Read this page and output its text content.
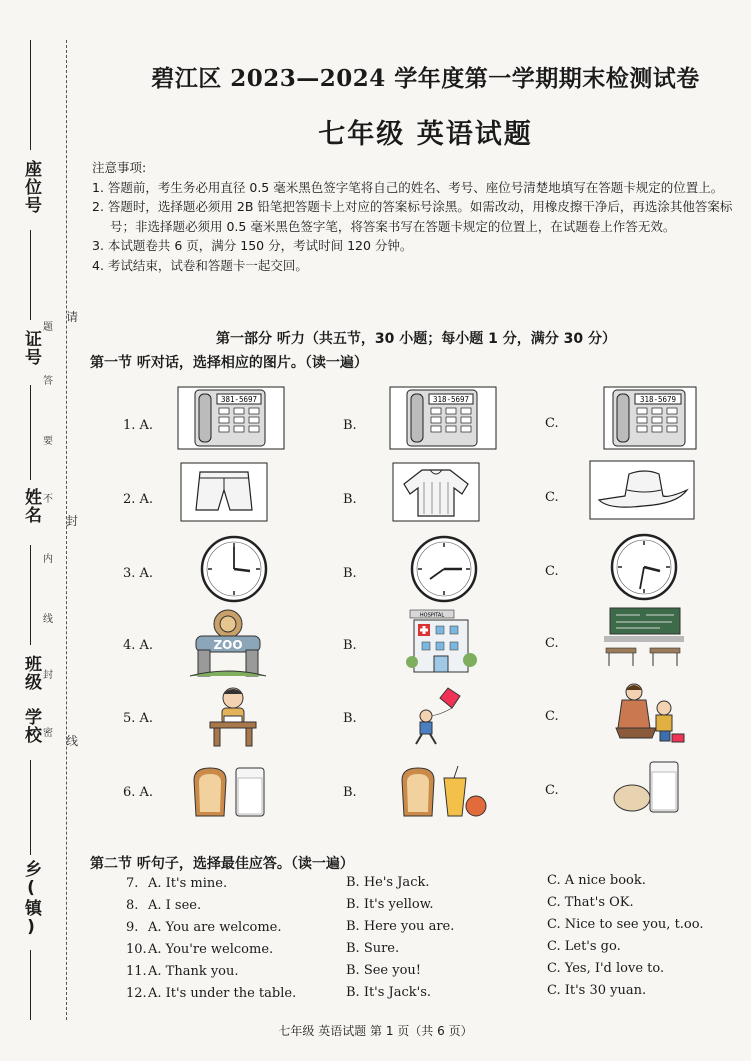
座位号
证号
姓名
班级
学校
乡(镇)
题
答
要
不
内
线
封
密
请
封
线
碧江区 2023—2024 学年度第一学期期末检测试卷
七年级 英语试题
注意事项:
1. 答题前，考生务必用直径 0.5 毫米黑色签字笔将自己的姓名、考号、座位号清楚地填写在答题卡规定的位置上。
2. 答题时，选择题必须用 2B 铅笔把答题卡上对应的答案标号涂黑。如需改动，用橡皮擦干净后，再选涂其他答案标号；非选择题必须用 0.5 毫米黑色签字笔，将答案书写在答题卡规定的位置上，在试题卷上作答无效。
3. 本试题卷共 6 页，满分 150 分，考试时间 120 分钟。
4. 考试结束，试卷和答题卡一起交回。
第一部分 听力（共五节，30 小题；每小题 1 分，满分 30 分）
第一节 听对话，选择相应的图片。（读一遍）
1. A.	B.	C.
381-5697	318-5697	318-5679
2. A.	B.	C.
3. A.	B.	C.
4. A.	B.	C.
ZOO
HOSPITAL
5. A.	B.	C.
6. A.	B.	C.
第二节 听句子，选择最佳应答。（读一遍）
7. A. It's mine.	B. He's Jack.	C. A nice book.
8. A. I see.	B. It's yellow.	C. That's OK.
9. A. You are welcome.	B. Here you are.	C. Nice to see you, t.oo.
10. A. You're welcome.	B. Sure.	C. Let's go.
11. A. Thank you.	B. See you!	C. Yes, I'd love to.
12. A. It's under the table.	B. It's Jack's.	C. It's 30 yuan.
七年级 英语试题 第 1 页（共 6 页）
